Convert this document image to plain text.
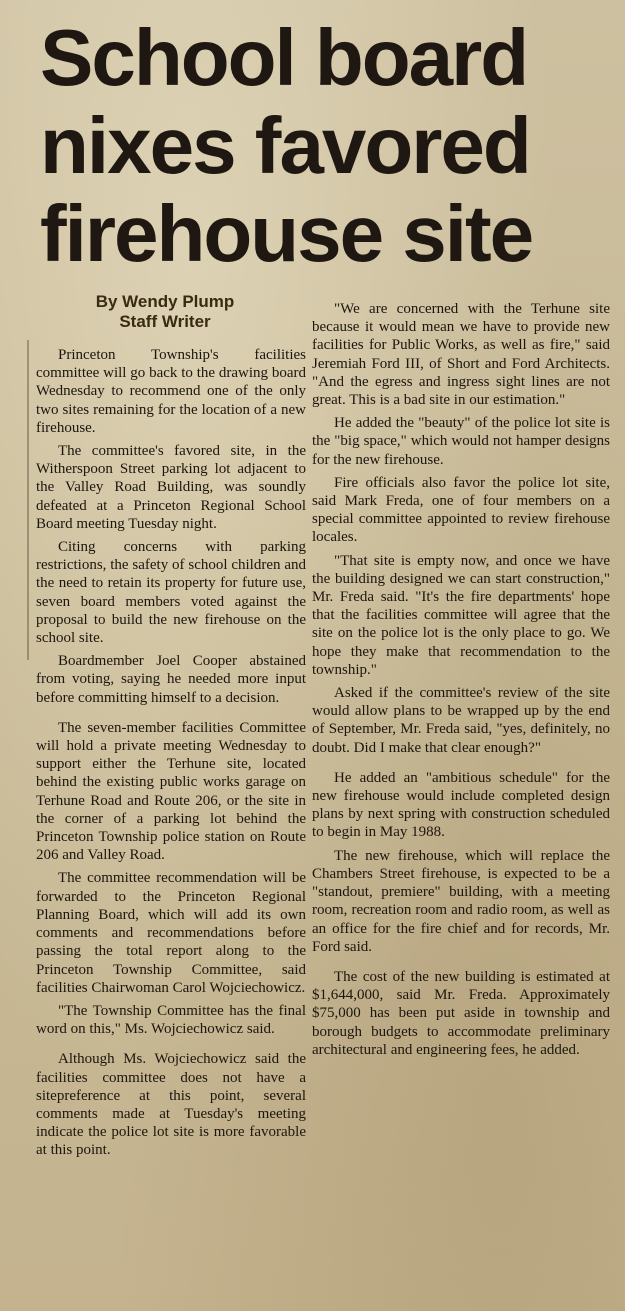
School board
nixes favored
firehouse site
By Wendy Plump
Staff Writer

Princeton Township's facilities committee will go back to the drawing board Wednesday to recommend one of the only two sites remaining for the location of a new firehouse.

The committee's favored site, in the Witherspoon Street parking lot adjacent to the Valley Road Building, was soundly defeated at a Princeton Regional School Board meeting Tuesday night.

Citing concerns with parking restrictions, the safety of school children and the need to retain its property for future use, seven board members voted against the proposal to build the new firehouse on the school site.

Boardmember Joel Cooper abstained from voting, saying he needed more input before committing himself to a decision.

The seven-member facilities Committee will hold a private meeting Wednesday to support either the Terhune site, located behind the existing public works garage on Terhune Road and Route 206, or the site in the corner of a parking lot behind the Princeton Township police station on Route 206 and Valley Road.

The committee recommendation will be forwarded to the Princeton Regional Planning Board, which will add its own comments and recommendations before passing the total report along to the Princeton Township Committee, said facilities Chairwoman Carol Wojciechowicz.

"The Township Committee has the final word on this," Ms. Wojciechowicz said.

Although Ms. Wojciechowicz said the facilities committee does not have a sitepreference at this point, several comments made at Tuesday's meeting indicate the police lot site is more favorable at this point.

"We are concerned with the Terhune site because it would mean we have to provide new facilities for Public Works, as well as fire," said Jeremiah Ford III, of Short and Ford Architects. "And the egress and ingress sight lines are not great. This is a bad site in our estimation."

He added the "beauty" of the police lot site is the "big space," which would not hamper designs for the new firehouse.

Fire officials also favor the police lot site, said Mark Freda, one of four members on a special committee appointed to review firehouse locales.

"That site is empty now, and once we have the building designed we can start construction," Mr. Freda said. "It's the fire departments' hope that the facilities committee will agree that the site on the police lot is the only place to go. We hope they make that recommendation to the township."

Asked if the committee's review of the site would allow plans to be wrapped up by the end of September, Mr. Freda said, "yes, definitely, no doubt. Did I make that clear enough?"

He added an "ambitious schedule" for the new firehouse would include completed design plans by next spring with construction scheduled to begin in May 1988.

The new firehouse, which will replace the Chambers Street firehouse, is expected to be a "standout, premiere" building, with a meeting room, recreation room and radio room, as well as an office for the fire chief and for records, Mr. Ford said.

The cost of the new building is estimated at $1,644,000, said Mr. Freda. Approximately $75,000 has been put aside in township and borough budgets to accommodate preliminary architectural and engineering fees, he added.
